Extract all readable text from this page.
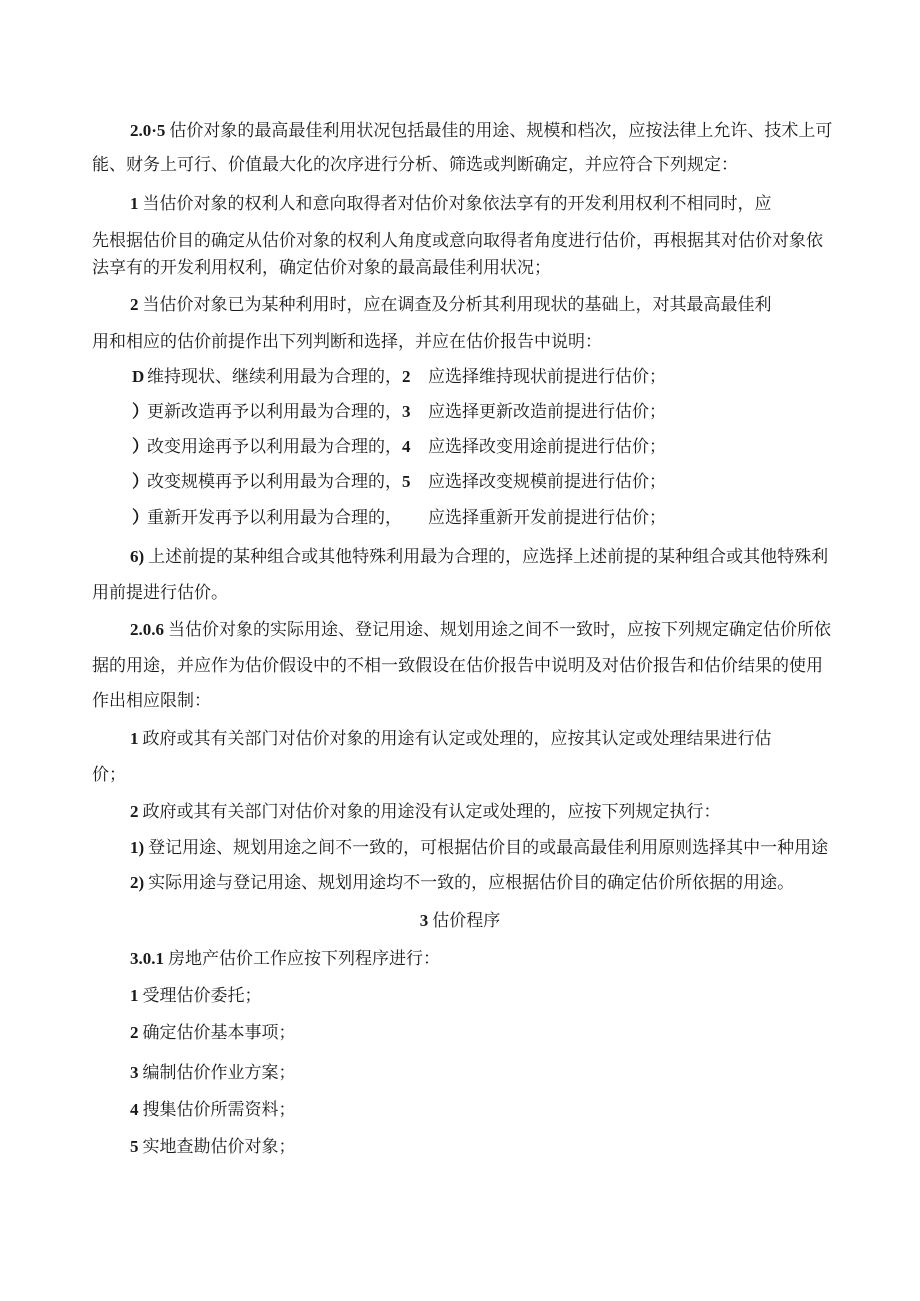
2.0·5 估价对象的最高最佳利用状况包括最佳的用途、规模和档次，应按法律上允许、技术上可
能、财务上可行、价值最大化的次序进行分析、筛选或判断确定，并应符合下列规定：
1 当估价对象的权利人和意向取得者对估价对象依法享有的开发利用权利不相同时，应
先根据估价目的确定从估价对象的权利人角度或意向取得者角度进行估价，再根据其对估价对象依
法享有的开发利用权利，确定估价对象的最高最佳利用状况；
2 当估价对象已为某种利用时，应在调查及分析其利用现状的基础上，对其最高最佳利
用和相应的估价前提作出下列判断和选择，并应在估价报告中说明：
D 维持现状、继续利用最为合理的， 2 应选择维持现状前提进行估价；
）
更新改造再予以利用最为合理的， 3 应选择更新改造前提进行估价；
）
改变用途再予以利用最为合理的， 4 应选择改变用途前提进行估价；
）
改变规模再予以利用最为合理的， 5 应选择改变规模前提进行估价；
）
重新开发再予以利用最为合理的， 应选择重新开发前提进行估价；
6) 上述前提的某种组合或其他特殊利用最为合理的，应选择上述前提的某种组合或其他特殊利
用前提进行估价。
2.0.6 当估价对象的实际用途、登记用途、规划用途之间不一致时，应按下列规定确定估价所依
据的用途，并应作为估价假设中的不相一致假设在估价报告中说明及对估价报告和估价结果的使用
作出相应限制：
1 政府或其有关部门对估价对象的用途有认定或处理的，应按其认定或处理结果进行估
价；
2 政府或其有关部门对估价对象的用途没有认定或处理的，应按下列规定执行：
1) 登记用途、规划用途之间不一致的，可根据估价目的或最高最佳利用原则选择其中一种用途
2) 实际用途与登记用途、规划用途均不一致的，应根据估价目的确定估价所依据的用途。
3 估价程序
3.0.1 房地产估价工作应按下列程序进行：
1 受理估价委托；
2 确定估价基本事项；
3 编制估价作业方案；
4 搜集估价所需资料；
5 实地查勘估价对象；
